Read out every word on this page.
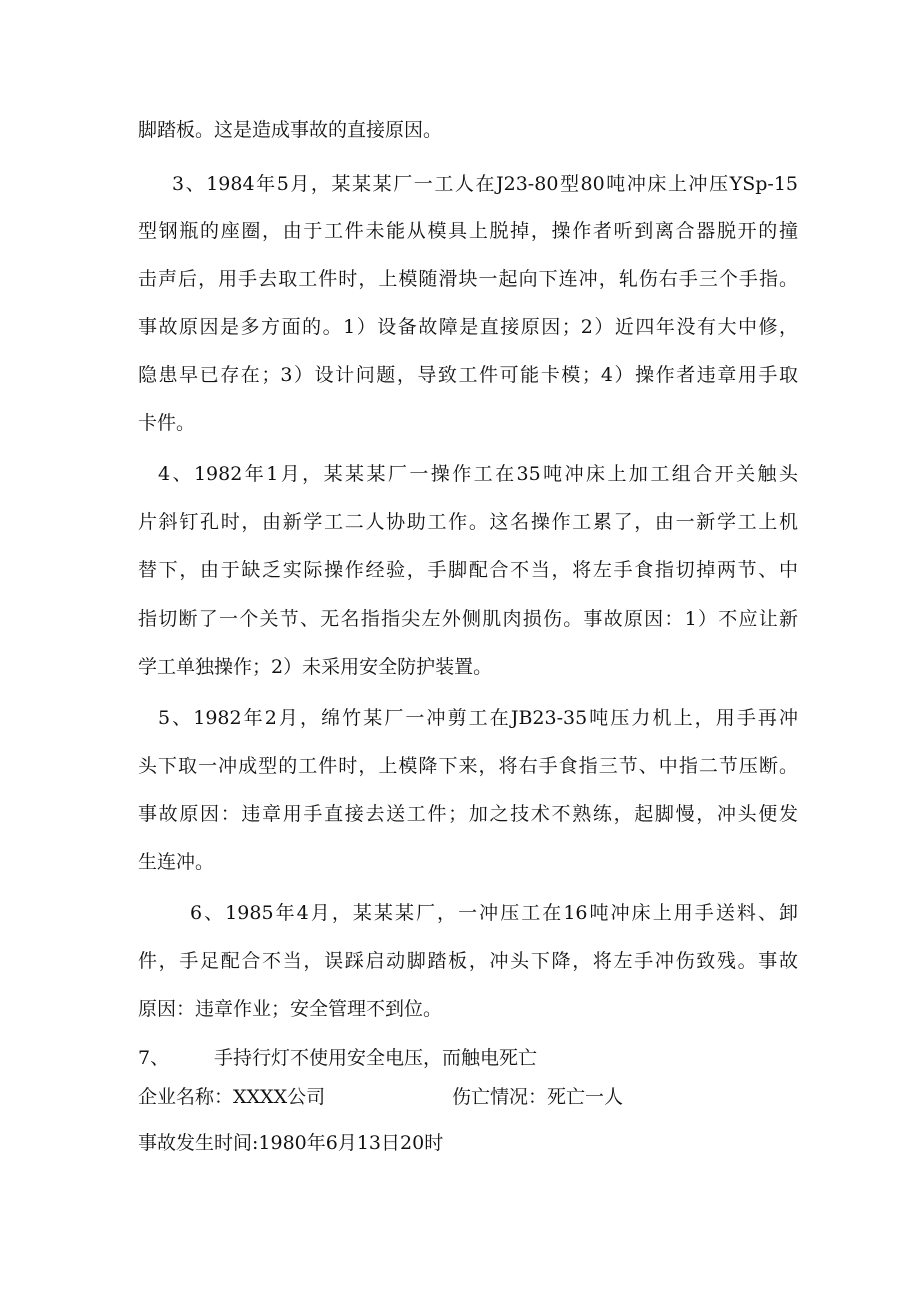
脚踏板。这是造成事故的直接原因。
3、1984年5月，某某某厂一工人在J23-80型80吨冲床上冲压YSp-15
型钢瓶的座圈，由于工件未能从模具上脱掉，操作者听到离合器脱开的撞
击声后，用手去取工件时，上模随滑块一起向下连冲，轧伤右手三个手指。
事故原因是多方面的。1）设备故障是直接原因；2）近四年没有大中修，
隐患早已存在；3）设计问题，导致工件可能卡模；4）操作者违章用手取
卡件。
4、1982年1月，某某某厂一操作工在35吨冲床上加工组合开关触头
片斜钉孔时，由新学工二人协助工作。这名操作工累了，由一新学工上机
替下，由于缺乏实际操作经验，手脚配合不当，将左手食指切掉两节、中
指切断了一个关节、无名指指尖左外侧肌肉损伤。事故原因：1）不应让新
学工单独操作；2）未采用安全防护装置。
5、1982年2月，绵竹某厂一冲剪工在JB23-35吨压力机上，用手再冲
头下取一冲成型的工件时，上模降下来，将右手食指三节、中指二节压断。
事故原因：违章用手直接去送工件；加之技术不熟练，起脚慢，冲头便发
生连冲。
6、1985年4月，某某某厂，一冲压工在16吨冲床上用手送料、卸
件，手足配合不当，误踩启动脚踏板，冲头下降，将左手冲伤致残。事故
原因：违章作业；安全管理不到位。
7、 手持行灯不使用安全电压，而触电死亡
企业名称：XXXX公司	伤亡情况：死亡一人
事故发生时间:1980年6月13日20时
